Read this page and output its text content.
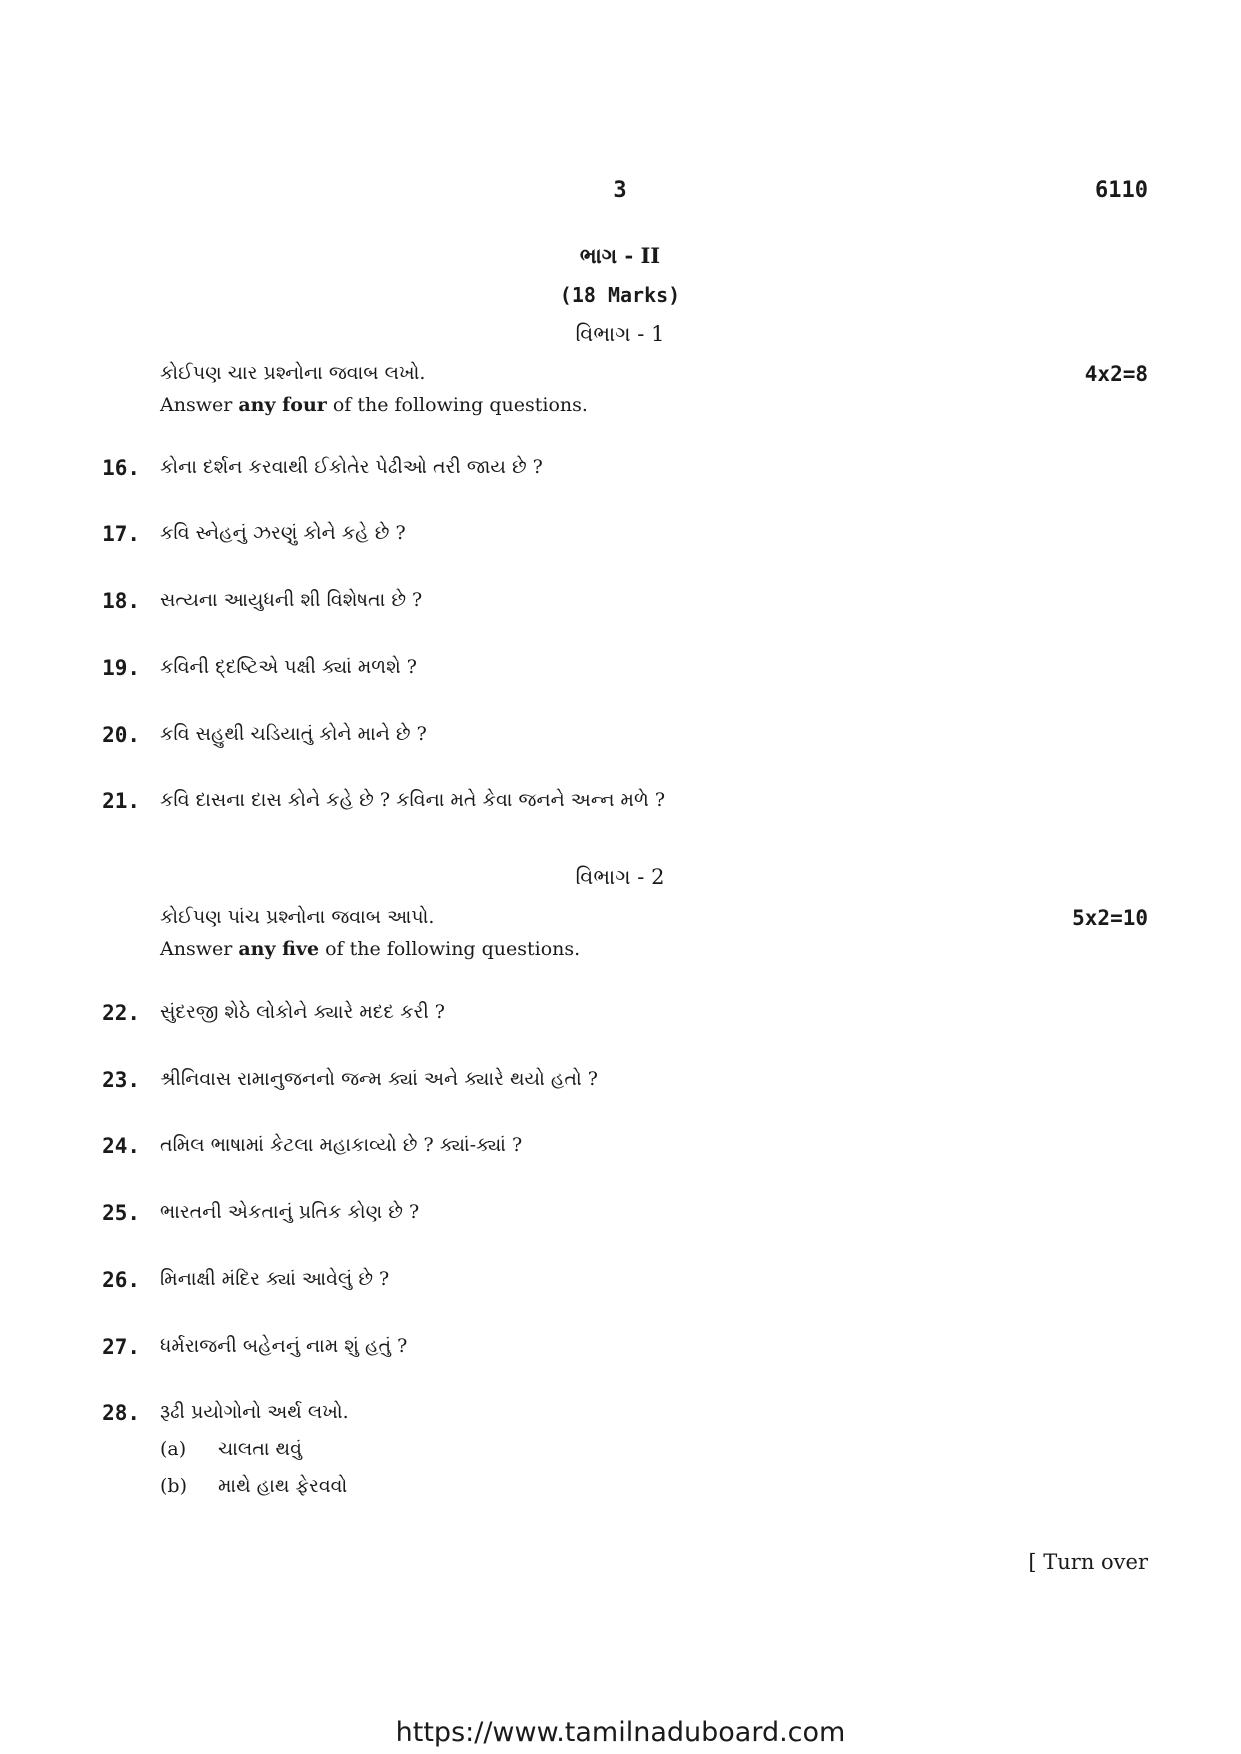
3	6110
ભાગ - II
(18 Marks)
વિભાગ - 1
કોઈપણ ચાર પ્રશ્નોના જવાબ લખો.	4x2=8
Answer any four of the following questions.
16. કોના દર્શન કરવાથી ઈકોતેર પેઢીઓ તરી જાય છે ?
17. કવિ સ્નેહનું ઝરણું કોને કહે છે ?
18. સત્યના આયુધની શી વિશેષતા છે ?
19. કવિની દ્દષ્ટિએ પક્ષી ક્યાં મળશે ?
20. કવિ સહુથી ચડિયાતું કોને માને છે ?
21. કવિ દાસના દાસ કોને કહે છે ? કવિના મતે કેવા જનને અન્ન મળે ?
વિભાગ - 2
કોઈપણ પાંચ પ્રશ્નોના જવાબ આપો.	5x2=10
Answer any five of the following questions.
22. સુંદરજી શેઠે લોકોને ક્યારે મદદ કરી ?
23. શ્રીનિવાસ રામાનુજનનો જન્મ ક્યાં અને ક્યારે થયો હતો ?
24. તમિલ ભાષામાં કેટલા મહાકાવ્યો છે ? ક્યાં-ક્યાં ?
25. ભારતની એકતાનું પ્રતિક કોણ છે ?
26. મિનાક્ષી મંદિર ક્યાં આવેલું છે ?
27. ધર્મરાજની બહેનનું નામ શું હતું ?
28. રૂઢી પ્રયોગોનો અર્થ લખો.
(a) ચાલતા થવું
(b) માથે હાથ ફેરવવો
[ Turn over
https://www.tamilnaduboard.com
